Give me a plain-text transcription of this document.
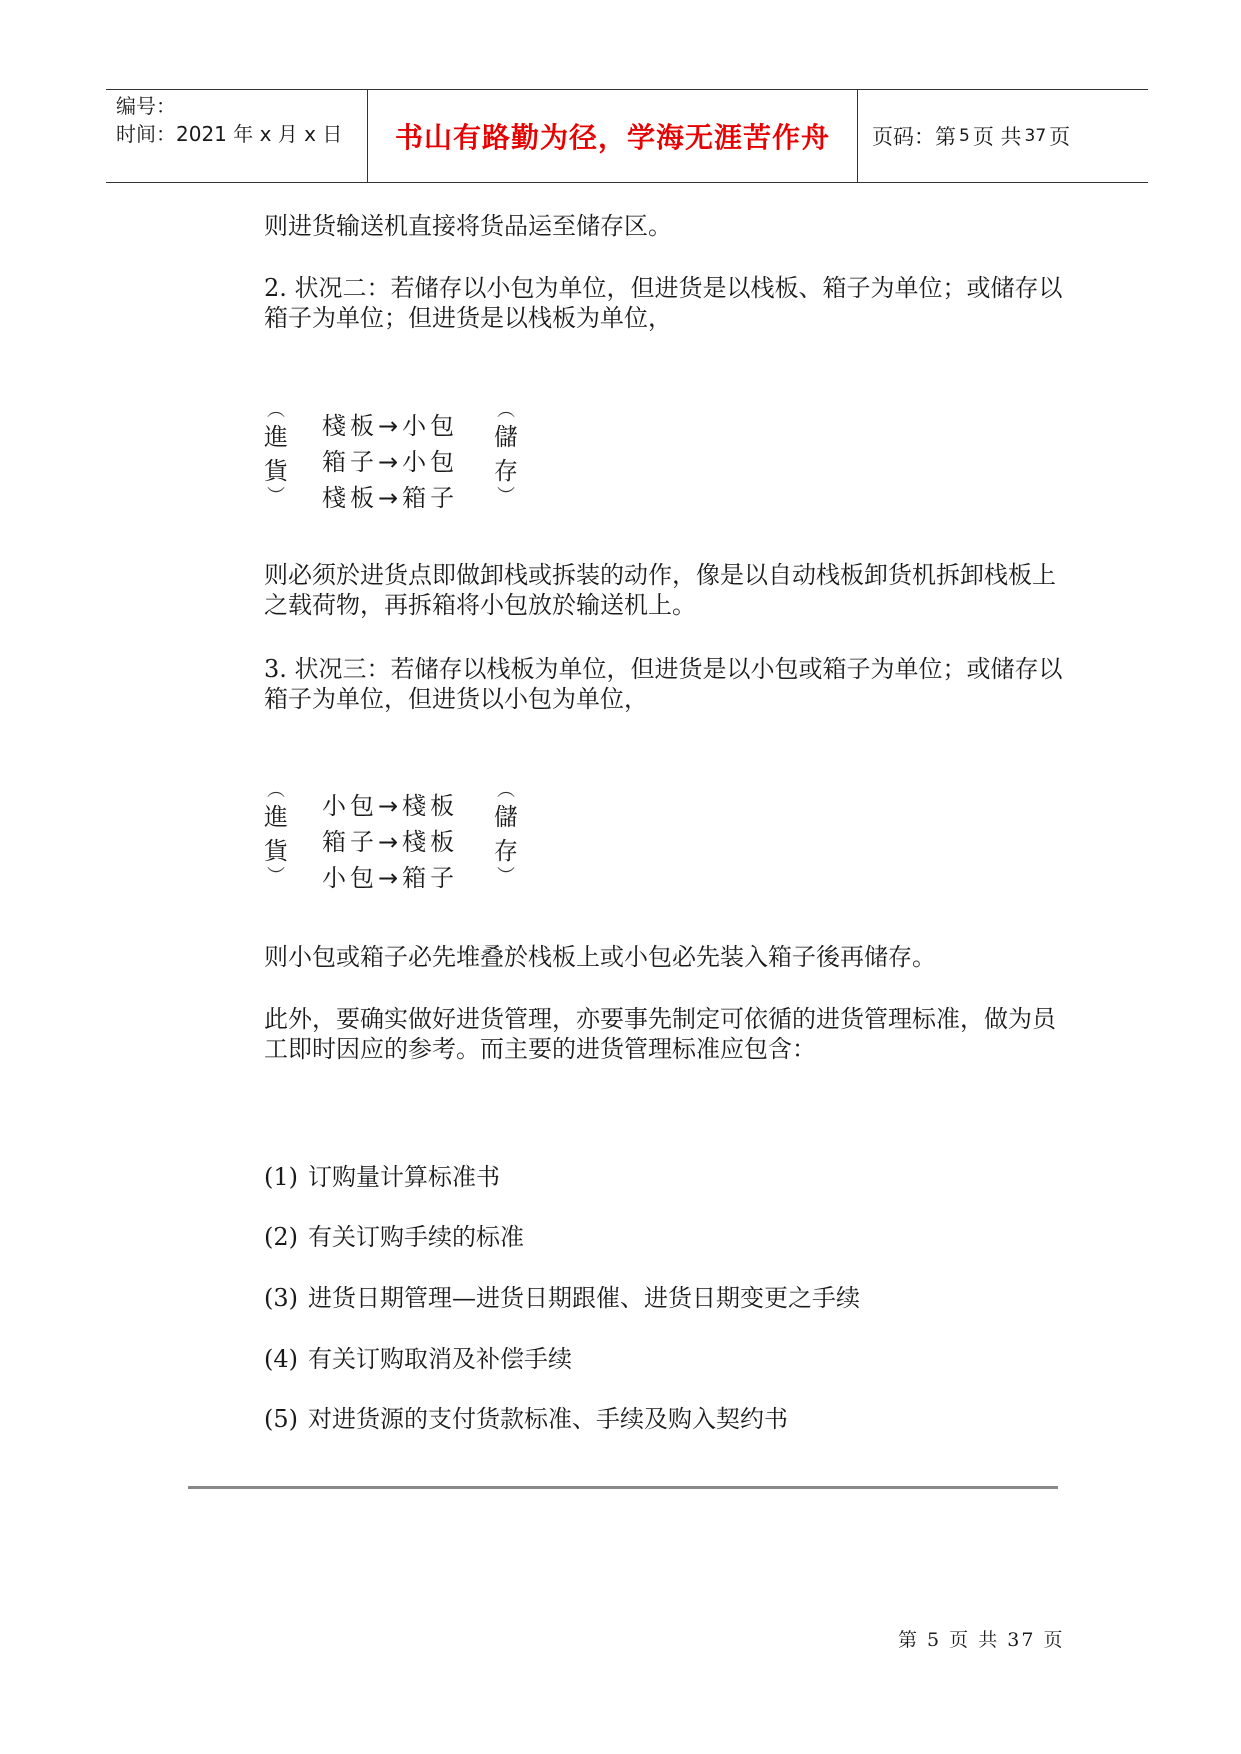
编号：
时间：2021 年 x 月 x 日	书山有路勤为径，学海无涯苦作舟	页码：第 5 页 共 37 页
则进货输送机直接将货品运至储存区。
2. 状况二：若储存以小包为单位，但进货是以栈板、箱子为单位；或储存以箱子为单位；但进货是以栈板为单位，
︵
進
貨
︶
棧板→小包
箱子→小包
棧板→箱子
︵
儲
存
︶
则必须於进货点即做卸栈或拆装的动作，像是以自动栈板卸货机拆卸栈板上之载荷物，再拆箱将小包放於输送机上。
3. 状况三：若储存以栈板为单位，但进货是以小包或箱子为单位；或储存以箱子为单位，但进货以小包为单位，
︵
進
貨
︶
小包→棧板
箱子→棧板
小包→箱子
︵
儲
存
︶
则小包或箱子必先堆叠於栈板上或小包必先装入箱子後再储存。
此外，要确实做好进货管理，亦要事先制定可依循的进货管理标准，做为员工即时因应的参考。而主要的进货管理标准应包含：
(1) 订购量计算标准书
(2) 有关订购手续的标准
(3) 进货日期管理—进货日期跟催、进货日期变更之手续
(4) 有关订购取消及补偿手续
(5) 对进货源的支付货款标准、手续及购入契约书
第 5 页 共 37 页
